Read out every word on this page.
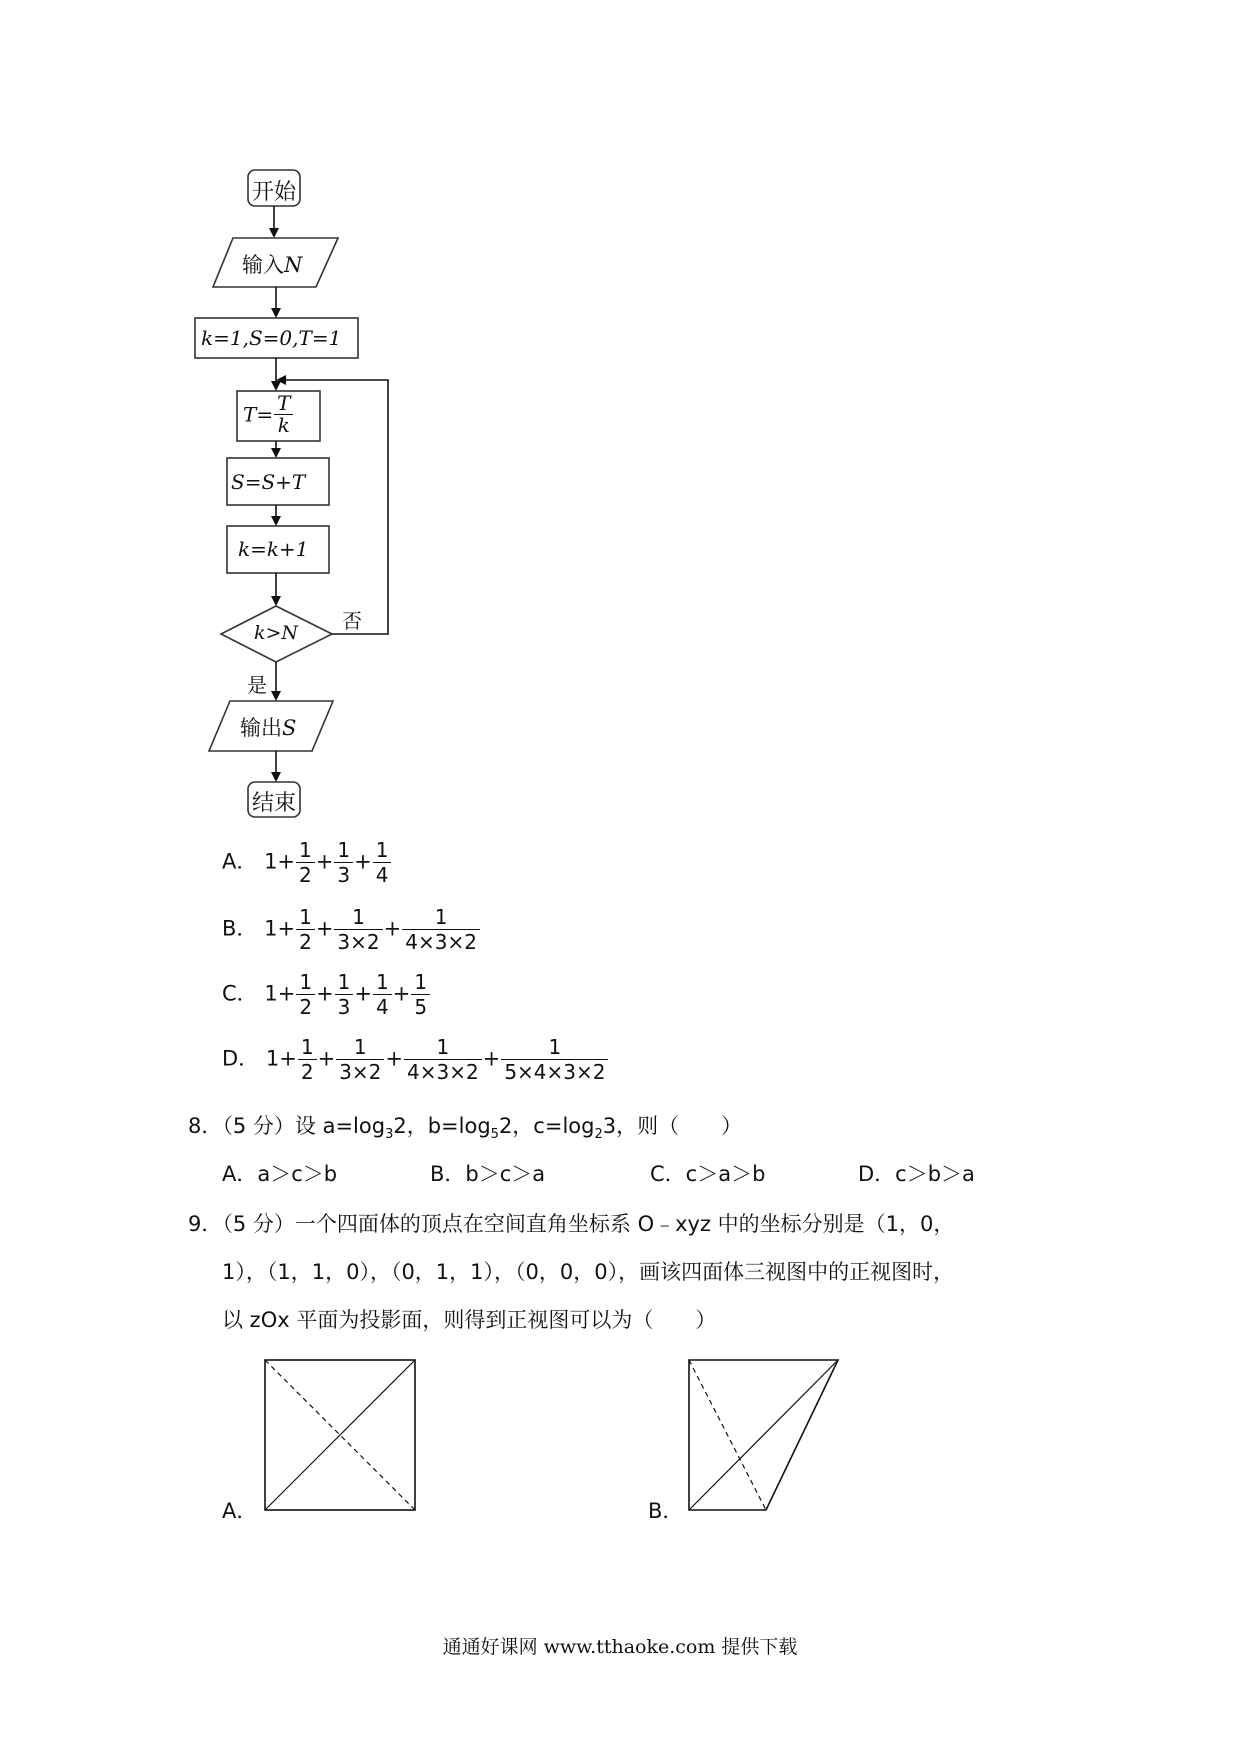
开始
输入N
k=1,S=0,T=1
$T= \frac{T}{k}$
S=S+T
k=k+1
k>N 否
是
输出S
结束
A． $1+ \frac{1}{2} + \frac{1}{3} + \frac{1}{4}$
B． $1+ \frac{1}{2} + \frac{1}{3\times 2} + \frac{1}{4\times 3\times 2}$
C． $1+ \frac{1}{2} + \frac{1}{3} + \frac{1}{4} + \frac{1}{5}$
D． $1+ \frac{1}{2} + \frac{1}{3\times 2} + \frac{1}{4\times 3\times 2} + \frac{1}{5\times 4\times 3\times 2}$
8．（5 分）设 $a=\log_32$，$b=\log_52$，$c=\log_23$，则（　　）
A．a＞c＞b	B．b＞c＞a	C．c＞a＞b	D．c＞b＞a
9．（5 分）一个四面体的顶点在空间直角坐标系 O﹣xyz 中的坐标分别是（1，0，
1），（1，1，0），（0，1，1），（0，0，0），画该四面体三视图中的正视图时，
以 zOx 平面为投影面，则得到正视图可以为（　　）
A．	B．
通通好课网 www.tthaoke.com 提供下载
